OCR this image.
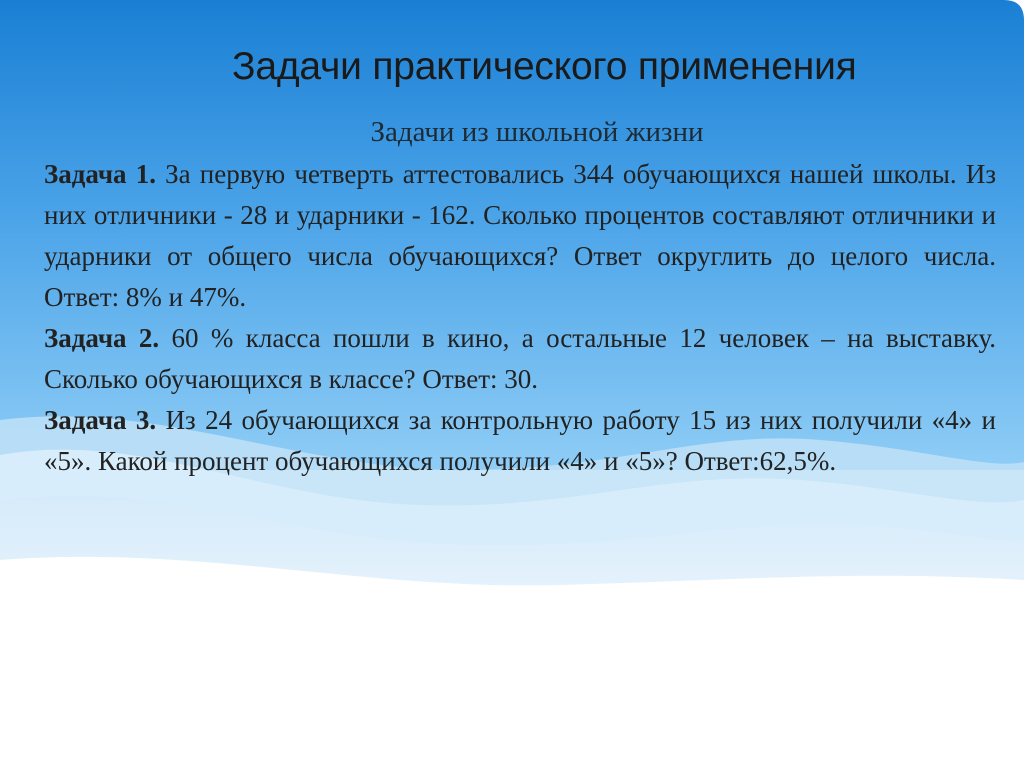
Задачи практического применения
Задачи из школьной жизни

Задача 1. За первую четверть аттестовались 344 обучающихся нашей школы. Из них отличники - 28 и ударники - 162. Сколько процентов составляют отличники и ударники от общего числа обучающихся? Ответ округлить до целого числа. Ответ: 8% и 47%.

Задача 2. 60 % класса пошли в кино, а остальные 12 человек – на выставку. Сколько обучающихся в классе? Ответ: 30.

Задача 3. Из 24 обучающихся за контрольную работу 15 из них получили «4» и «5». Какой процент обучающихся получили «4» и «5»? Ответ:62,5%.
